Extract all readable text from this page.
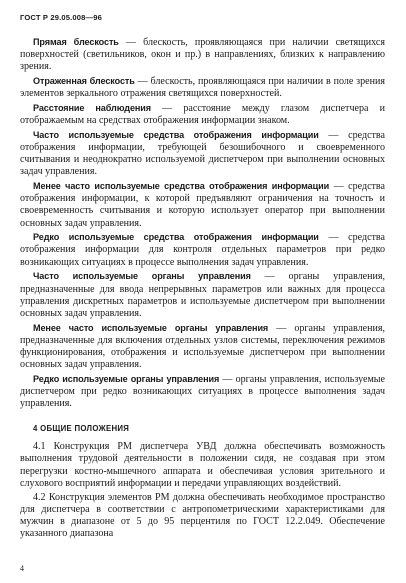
ГОСТ Р 29.05.008—96

Прямая блескость — блескость, проявляющаяся при наличии светящихся поверхностей (светильников, окон и пр.) в направлениях, близких к направлению зрения.

Отраженная блескость — блескость, проявляющаяся при наличии в поле зрения элементов зеркального отражения светящихся поверхностей.

Расстояние наблюдения — расстояние между глазом диспетчера и отображаемым на средствах отображения информации знаком.

Часто используемые средства отображения информации — средства отображения информации, требующей безошибочного и своевременного считывания и неоднократно используемой диспетчером при выполнении основных задач управления.

Менее часто используемые средства отображения информации — средства отображения информации, к которой предъявляют ограничения на точность и своевременность считывания и которую использует оператор при выполнении основных задач управления.

Редко используемые средства отображения информации — средства отображения информации для контроля отдельных параметров при редко возникающих ситуациях в процессе выполнения задач управления.

Часто используемые органы управления — органы управления, предназначенные для ввода непрерывных параметров или важных для процесса управления дискретных параметров и используемые диспетчером при выполнении основных задач управления.

Менее часто используемые органы управления — органы управления, предназначенные для включения отдельных узлов системы, переключения режимов функционирования, отображения и используемые диспетчером при выполнении основных задач управления.

Редко используемые органы управления — органы управления, используемые диспетчером при редко возникающих ситуациях в процессе выполнения задач управления.

4 ОБЩИЕ ПОЛОЖЕНИЯ

4.1 Конструкция РМ диспетчера УВД должна обеспечивать возможность выполнения трудовой деятельности в положении сидя, не создавая при этом перегрузки костно-мышечного аппарата и обеспечивая условия зрительного и слухового восприятий информации и передачи управляющих воздействий.

4.2 Конструкция элементов РМ должна обеспечивать необходимое пространство для диспетчера в соответствии с антропометрическими характеристиками для мужчин в диапазоне от 5 до 95 перцентиля по ГОСТ 12.2.049. Обеспечение указанного диапазона

4
